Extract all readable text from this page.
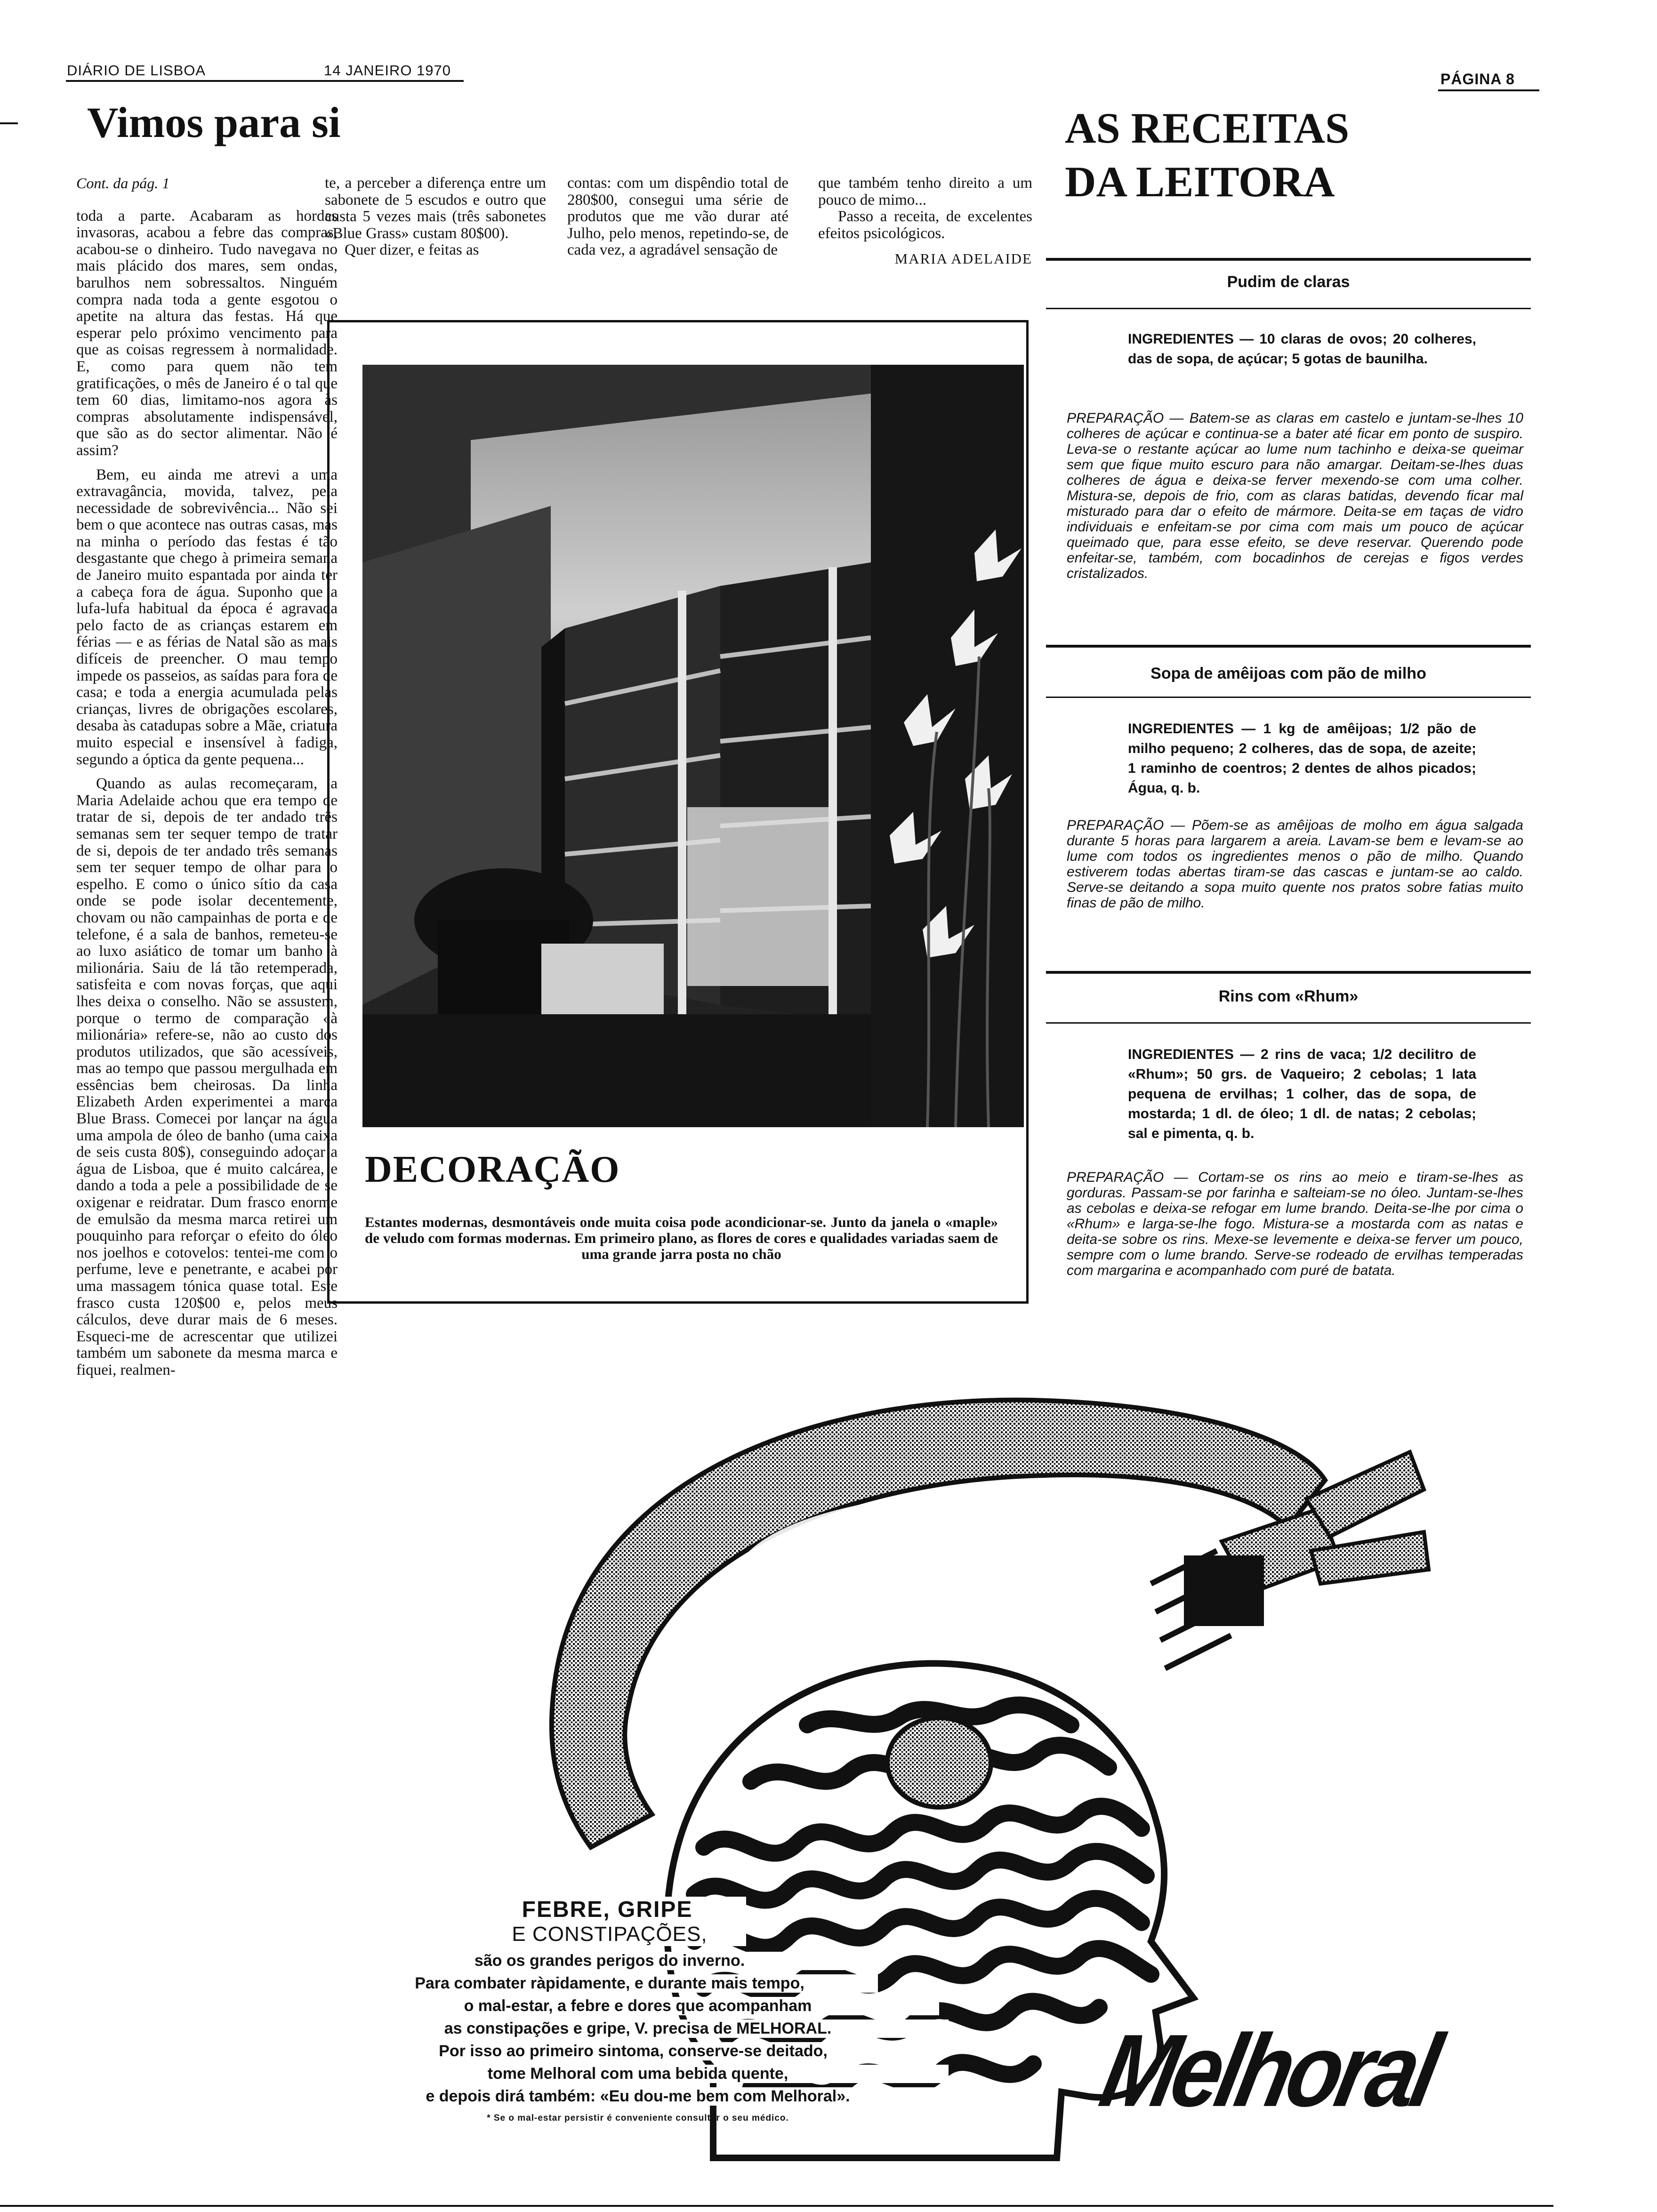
DIÁRIO DE LISBOA	14 JANEIRO 1970
PÁGINA 8
Vimos para si
Cont. da pág. 1

toda a parte. Acabaram as hordas invasoras, acabou a febre das compras, acabou-se o dinheiro. Tudo navegava no mais plácido dos mares, sem ondas, barulhos nem sobressaltos. Ninguém compra nada toda a gente esgotou o apetite na altura das festas. Há que esperar pelo próximo vencimento para que as coisas regressem à normalidade. E, como para quem não tem gratificações, o mês de Janeiro é o tal que tem 60 dias, limitamo-nos agora às compras absolutamente indispensável, que são as do sector alimentar. Não é assim?

Bem, eu ainda me atrevi a uma extravagância, movida, talvez, pela necessidade de sobrevivência... Não sei bem o que acontece nas outras casas, mas na minha o período das festas é tão desgastante que chego à primeira semana de Janeiro muito espantada por ainda ter a cabeça fora de água. Suponho que a lufa-lufa habitual da época é agravada pelo facto de as crianças estarem em férias — e as férias de Natal são as mais difíceis de preencher. O mau tempo impede os passeios, as saídas para fora de casa; e toda a energia acumulada pelas crianças, livres de obrigações escolares, desaba às catadupas sobre a Mãe, criatura muito especial e insensível à fadiga, segundo a óptica da gente pequena...

Quando as aulas recomeçaram, a Maria Adelaide achou que era tempo de tratar de si, depois de ter andado três semanas sem ter sequer tempo de tratar de si, depois de ter andado três semanas sem ter sequer tempo de olhar para o espelho. E como o único sítio da casa onde se pode isolar decentemente, chovam ou não campainhas de porta e de telefone, é a sala de banhos, remeteu-se ao luxo asiático de tomar um banho à milionária. Saiu de lá tão retemperada, satisfeita e com novas forças, que aqui lhes deixa o conselho. Não se assustem, porque o termo de comparação «à milionária» refere-se, não ao custo dos produtos utilizados, que são acessíveis, mas ao tempo que passou mergulhada em essências bem cheirosas. Da linha Elizabeth Arden experimentei a marca Blue Brass. Comecei por lançar na água uma ampola de óleo de banho (uma caixa de seis custa 80$), conseguindo adoçar a água de Lisboa, que é muito calcárea, e dando a toda a pele a possibilidade de se oxigenar e reidratar. Dum frasco enorme de emulsão da mesma marca retirei um pouquinho para reforçar o efeito do óleo nos joelhos e cotovelos: tentei-me com o perfume, leve e penetrante, e acabei por uma massagem tónica quase total. Este frasco custa 120$00 e, pelos meus cálculos, deve durar mais de 6 meses. Esqueci-me de acrescentar que utilizei também um sabonete da mesma marca e fiquei, realmen-

te, a perceber a diferença entre um sabonete de 5 escudos e outro que custa 5 vezes mais (três sabonetes «Blue Grass» custam 80$00).

Quer dizer, e feitas as

contas: com um dispêndio total de 280$00, consegui uma série de produtos que me vão durar até Julho, pelo menos, repetindo-se, de cada vez, a agradável sensação de

que também tenho direito a um pouco de mimo...

Passo a receita, de excelentes efeitos psicológicos.

MARIA ADELAIDE
DECORAÇÃO
Estantes modernas, desmontáveis onde muita coisa pode acondicionar-se. Junto da janela o «maple» de veludo com formas modernas. Em primeiro plano, as flores de cores e qualidades variadas saem de uma grande jarra posta no chão
AS RECEITAS
DA LEITORA
Pudim de claras
INGREDIENTES — 10 claras de ovos; 20 colheres, das de sopa, de açúcar; 5 gotas de baunilha.
PREPARAÇÃO — Batem-se as claras em castelo e juntam-se-lhes 10 colheres de açúcar e continua-se a bater até ficar em ponto de suspiro. Leva-se o restante açúcar ao lume num tachinho e deixa-se queimar sem que fique muito escuro para não amargar. Deitam-se-lhes duas colheres de água e deixa-se ferver mexendo-se com uma colher. Mistura-se, depois de frio, com as claras batidas, devendo ficar mal misturado para dar o efeito de mármore. Deita-se em taças de vidro individuais e enfeitam-se por cima com mais um pouco de açúcar queimado que, para esse efeito, se deve reservar. Querendo pode enfeitar-se, também, com bocadinhos de cerejas e figos verdes cristalizados.
Sopa de amêijoas com pão de milho
INGREDIENTES — 1 kg de amêijoas; 1/2 pão de milho pequeno; 2 colheres, das de sopa, de azeite; 1 raminho de coentros; 2 dentes de alhos picados; Água, q. b.
PREPARAÇÃO — Põem-se as amêijoas de molho em água salgada durante 5 horas para largarem a areia. Lavam-se bem e levam-se ao lume com todos os ingredientes menos o pão de milho. Quando estiverem todas abertas tiram-se das cascas e juntam-se ao caldo. Serve-se deitando a sopa muito quente nos pratos sobre fatias muito finas de pão de milho.
Rins com «Rhum»
INGREDIENTES — 2 rins de vaca; 1/2 decilitro de «Rhum»; 50 grs. de Vaqueiro; 2 cebolas; 1 lata pequena de ervilhas; 1 colher, das de sopa, de mostarda; 1 dl. de óleo; 1 dl. de natas; 2 cebolas; sal e pimenta, q. b.
PREPARAÇÃO — Cortam-se os rins ao meio e tiram-se-lhes as gorduras. Passam-se por farinha e salteiam-se no óleo. Juntam-se-lhes as cebolas e deixa-se refogar em lume brando. Deita-se-lhe por cima o «Rhum» e larga-se-lhe fogo. Mistura-se a mostarda com as natas e deita-se sobre os rins. Mexe-se levemente e deixa-se ferver um pouco, sempre com o lume brando. Serve-se rodeado de ervilhas temperadas com margarina e acompanhado com puré de batata.
FEBRE, GRIPE
E CONSTIPAÇÕES,
são os grandes perigos do inverno.
Para combater ràpidamente, e durante mais tempo,
o mal-estar, a febre e dores que acompanham
as constipações e gripe, V. precisa de MELHORAL.
Por isso ao primeiro sintoma, conserve-se deitado,
tome Melhoral com uma bebida quente,
e depois dirá também: «Eu dou-me bem com Melhoral».
* Se o mal-estar persistir é conveniente consultar o seu médico.	Melhoral
